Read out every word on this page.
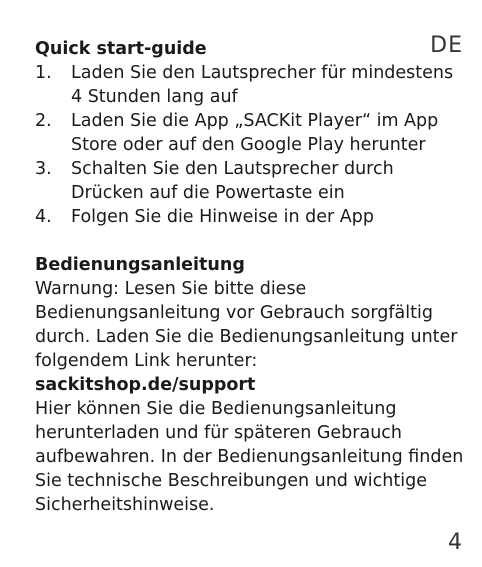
DE
Quick start-guide
1. Laden Sie den Lautsprecher für mindestens 4 Stunden lang auf
2. Laden Sie die App „SACKit Player“ im App Store oder auf den Google Play herunter
3. Schalten Sie den Lautsprecher durch Drücken auf die Powertaste ein
4. Folgen Sie die Hinweise in der App
Bedienungsanleitung

Warnung: Lesen Sie bitte diese Bedienungsanleitung vor Gebrauch sorgfältig durch. Laden Sie die Bedienungsanleitung unter folgendem Link herunter:

sackitshop.de/support

Hier können Sie die Bedienungsanleitung herunterladen und für späteren Gebrauch aufbewahren. In der Bedienungsanleitung finden Sie technische Beschreibungen und wichtige Sicherheitshinweise.

4
